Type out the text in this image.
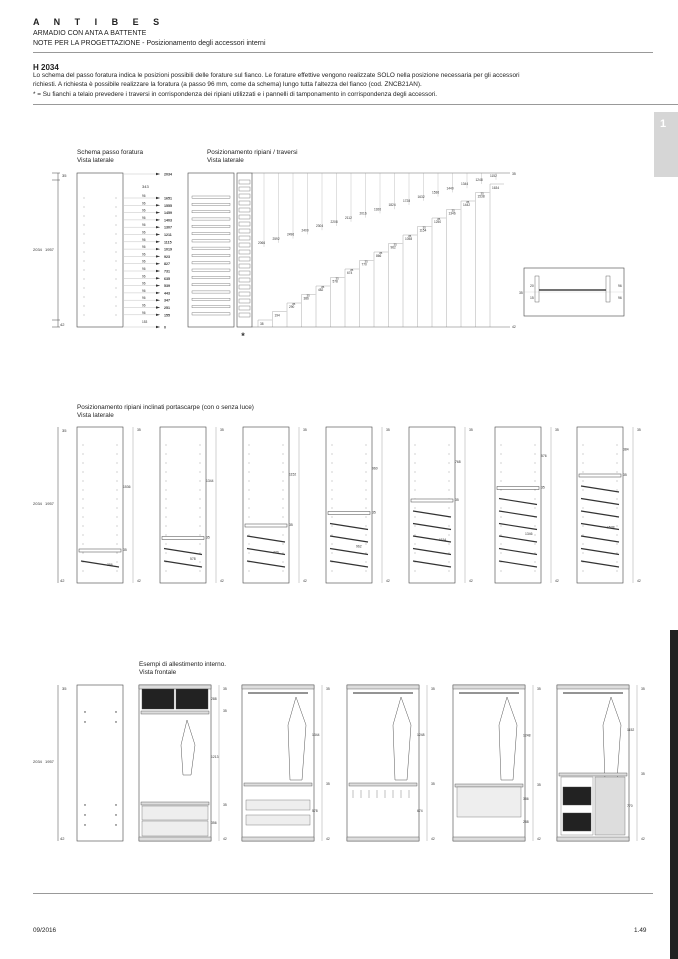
A N T I B E S
ARMADIO CON ANTA A BATTENTE
NOTE PER LA PROGETTAZIONE - Posizionamento degli accessori interni
H 2034
Lo schema del passo foratura indica le posizioni possibili delle forature sul fianco. Le forature effettive vengono realizzate SOLO nella posizione necessaria per gli accessori
richiesti. A richiesta è possibile realizzare la foratura (a passo 96 mm, come da schema) lungo tutta l'altezza del fianco (cod. ZNCB21AN).
* = Su fianchi a telaio prevedere i traversi in corrispondenza dei ripiani utilizzati e i pannelli di tamponamento in corrispondenza degli accessori.
1
Schema passo foratura
Vista laterale
Posizionamento ripiani / traversi
Vista laterale
Posizionamento ripiani inclinati portascarpe (con o senza luce)
Vista laterale
Esempi di allestimento interno.
Vista frontale
09/2016	1.49
35
2034 1957
42
343
2034
1651
96
1555
96
1459
96
1403
96
1307
96
1211
96
1115
96
1019
96
923
96
827
96
731
96
635
96
539
96
443
96
347
96
251
96
155
96
0
153
*
35
42
38
194
290
386
482
578
674
770
866
962
1058
1154
1250
1346
1442
1538
1634
2066
2592
2496
2400
2304
2208
2112
2016
1920
1824
1728
1632
1536
1440
1344
1248
1152
35
35
35
35
35
35
35
35
35
35
35
35
35
35
35
20
15
96
96
35
2034 1957
42
35
42
1536
35
386
35
42
1344
35
578
35
42
1152
35
770
35
42
960
35
962
35
42
768
35
1154
35
42
576
35
1346
35
42
384
35
1538
35
2034 1957
42
288
35
1213
35
356
35
42
1344
35
578
35
42
1248
35
674
35
42
1248
35
386
288
35
42
1152
35
770
35
42
